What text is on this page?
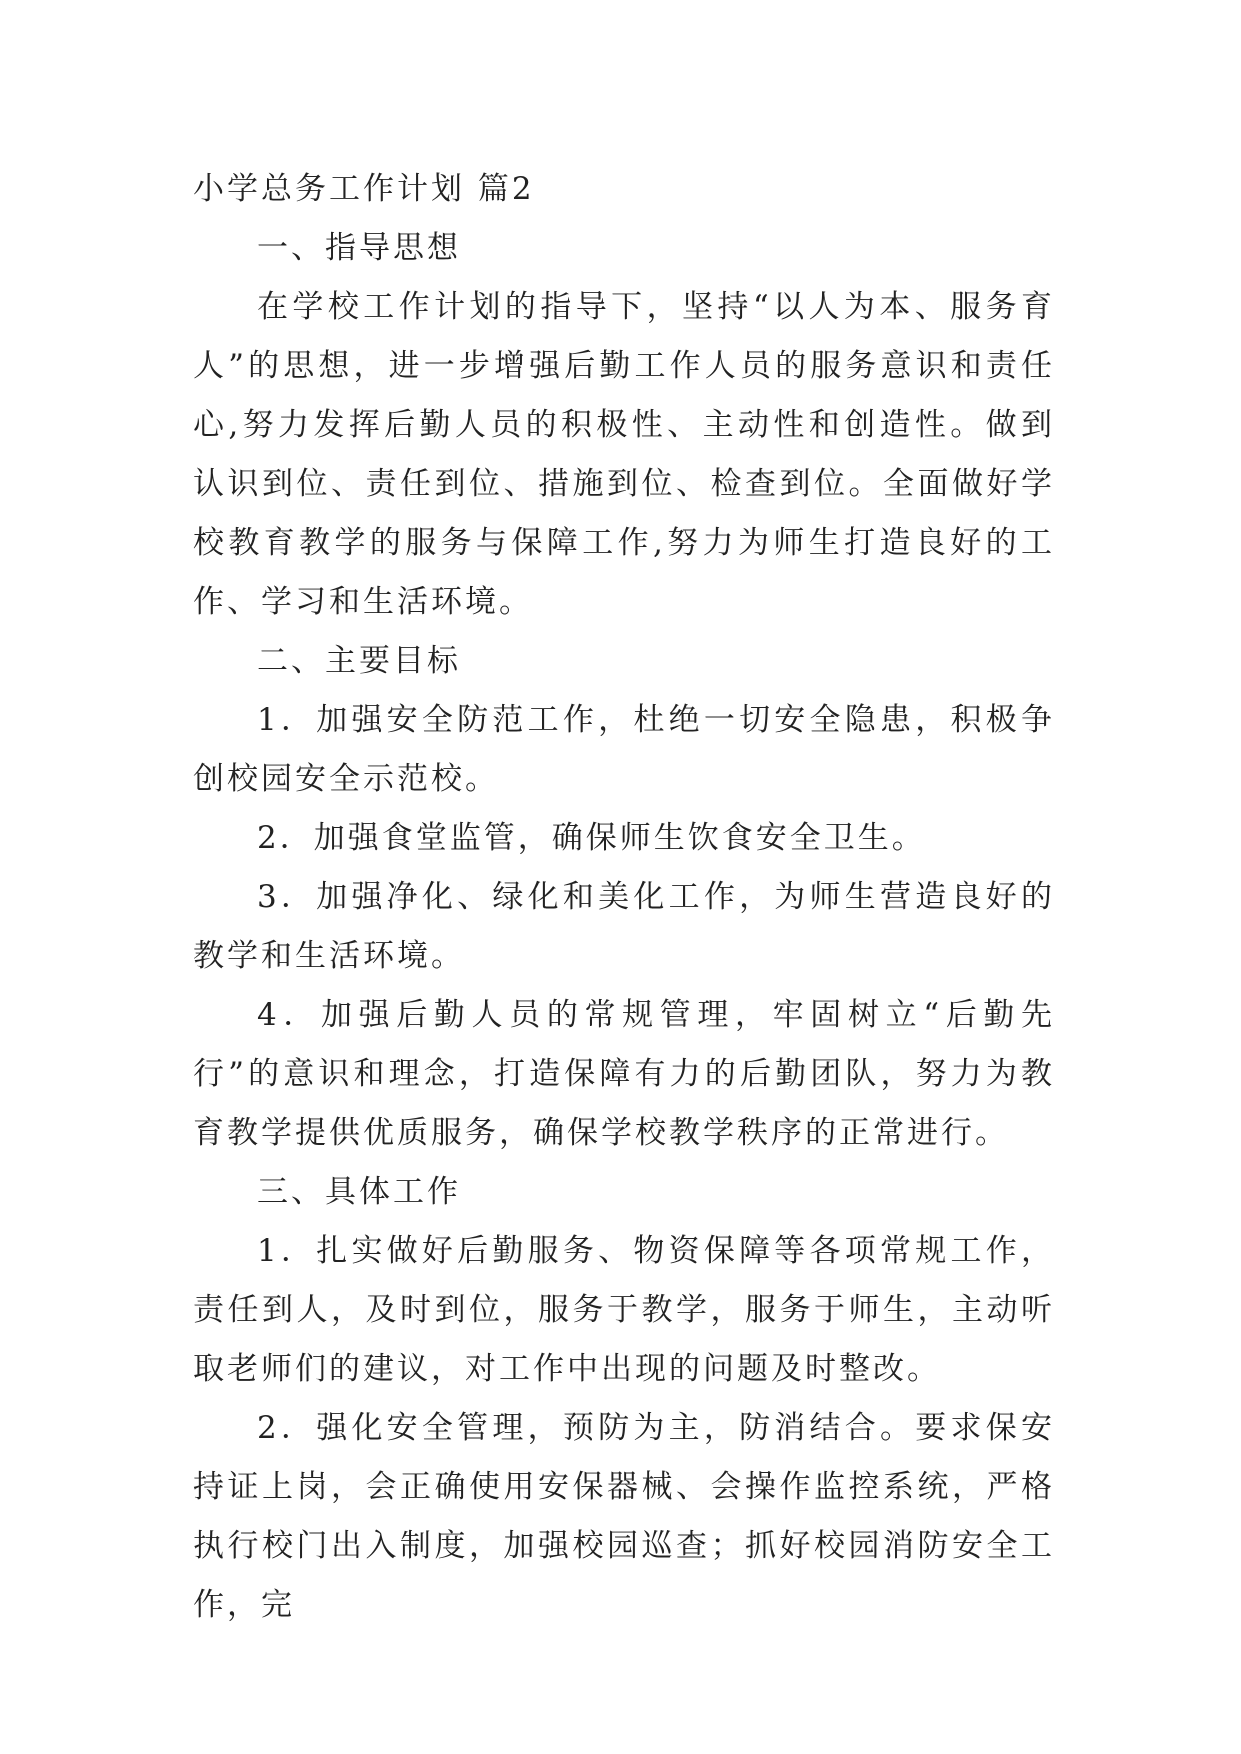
小学总务工作计划 篇2

一、指导思想

在学校工作计划的指导下，坚持“以人为本、服务育人”的思想，进一步增强后勤工作人员的服务意识和责任心,努力发挥后勤人员的积极性、主动性和创造性。做到认识到位、责任到位、措施到位、检查到位。全面做好学校教育教学的服务与保障工作,努力为师生打造良好的工作、学习和生活环境。

二、主要目标

1．加强安全防范工作，杜绝一切安全隐患，积极争创校园安全示范校。

2．加强食堂监管，确保师生饮食安全卫生。

3．加强净化、绿化和美化工作，为师生营造良好的教学和生活环境。

4．加强后勤人员的常规管理，牢固树立“后勤先行”的意识和理念，打造保障有力的后勤团队，努力为教育教学提供优质服务，确保学校教学秩序的正常进行。

三、具体工作

1．扎实做好后勤服务、物资保障等各项常规工作，责任到人，及时到位，服务于教学，服务于师生，主动听取老师们的建议，对工作中出现的问题及时整改。

2．强化安全管理，预防为主，防消结合。要求保安持证上岗，会正确使用安保器械、会操作监控系统，严格执行校门出入制度，加强校园巡查；抓好校园消防安全工作，完
